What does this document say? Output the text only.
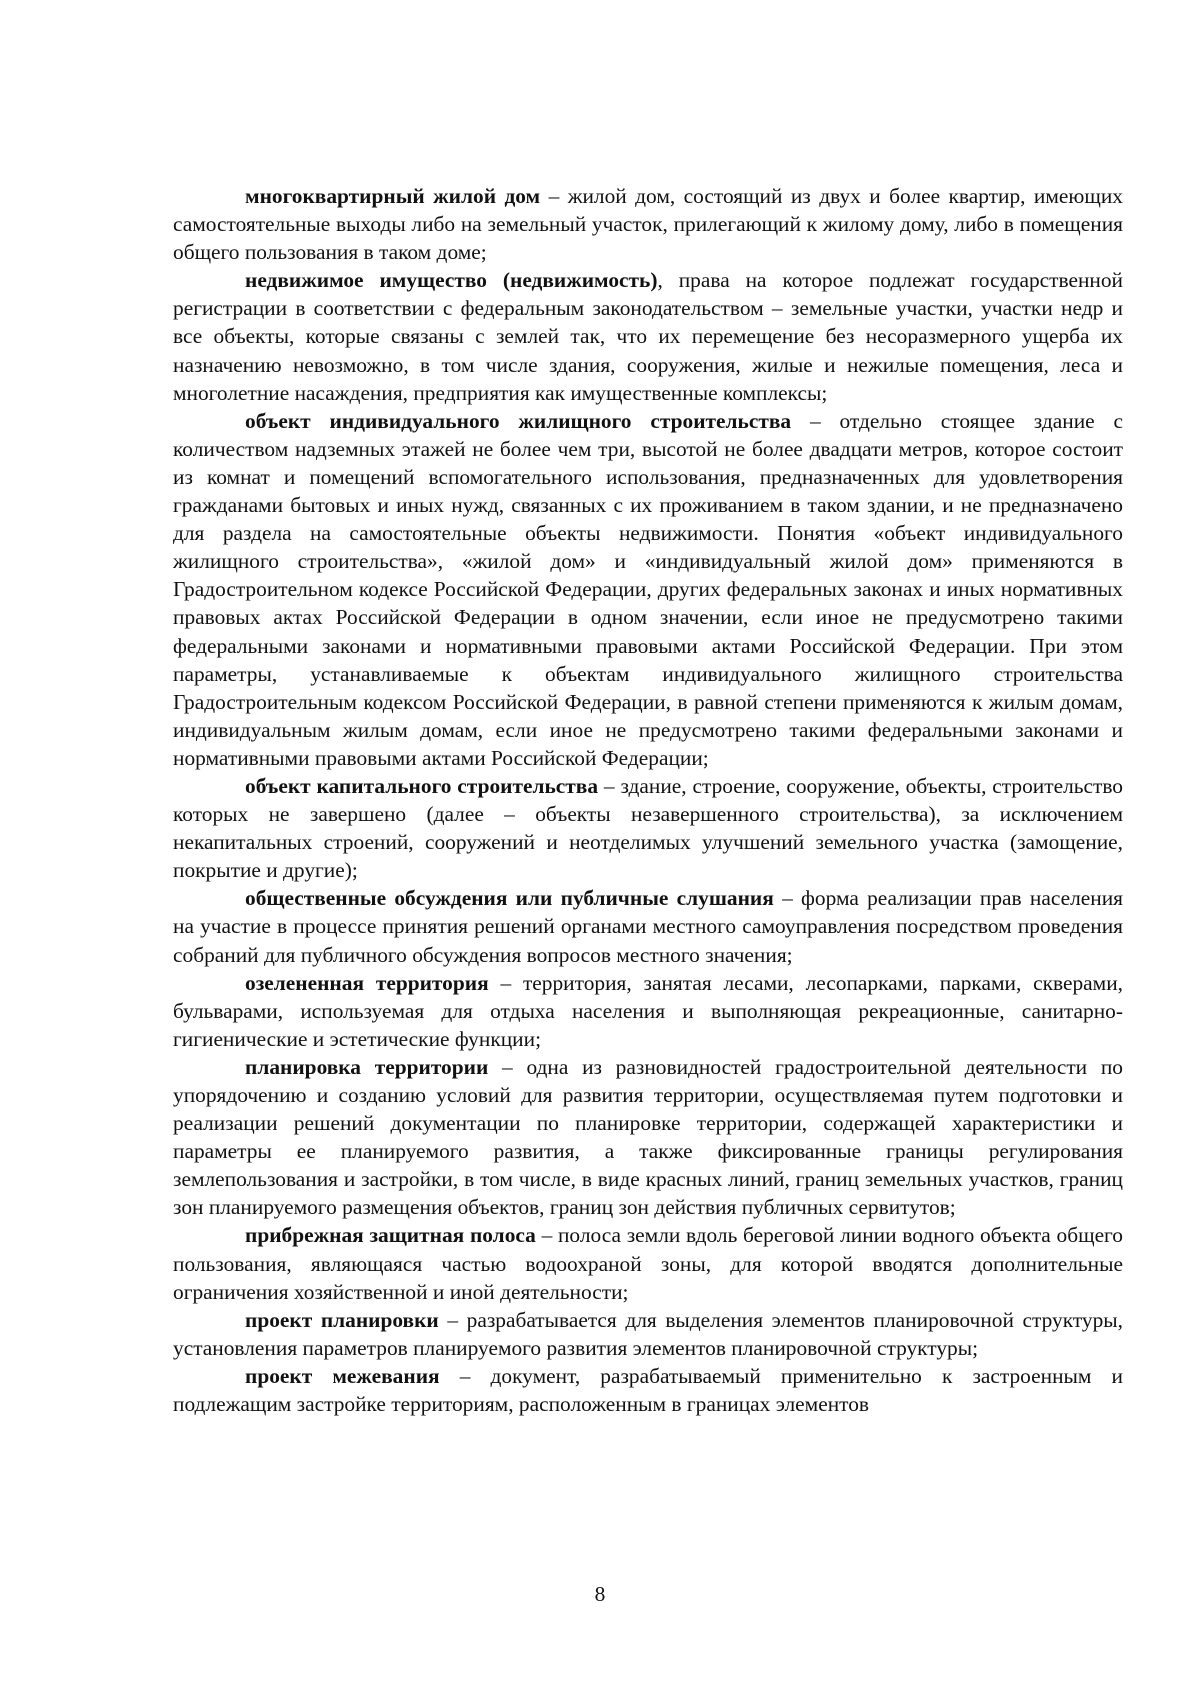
многоквартирный жилой дом – жилой дом, состоящий из двух и более квартир, имеющих самостоятельные выходы либо на земельный участок, прилегающий к жилому дому, либо в помещения общего пользования в таком доме;

недвижимое имущество (недвижимость), права на которое подлежат государственной регистрации в соответствии с федеральным законодательством – земельные участки, участки недр и все объекты, которые связаны с землей так, что их перемещение без несоразмерного ущерба их назначению невозможно, в том числе здания, сооружения, жилые и нежилые помещения, леса и многолетние насаждения, предприятия как имущественные комплексы;

объект индивидуального жилищного строительства – отдельно стоящее здание с количеством надземных этажей не более чем три, высотой не более двадцати метров, которое состоит из комнат и помещений вспомогательного использования, предназначенных для удовлетворения гражданами бытовых и иных нужд, связанных с их проживанием в таком здании, и не предназначено для раздела на самостоятельные объекты недвижимости. Понятия «объект индивидуального жилищного строительства», «жилой дом» и «индивидуальный жилой дом» применяются в Градостроительном кодексе Российской Федерации, других федеральных законах и иных нормативных правовых актах Российской Федерации в одном значении, если иное не предусмотрено такими федеральными законами и нормативными правовыми актами Российской Федерации. При этом параметры, устанавливаемые к объектам индивидуального жилищного строительства Градостроительным кодексом Российской Федерации, в равной степени применяются к жилым домам, индивидуальным жилым домам, если иное не предусмотрено такими федеральными законами и нормативными правовыми актами Российской Федерации;

объект капитального строительства – здание, строение, сооружение, объекты, строительство которых не завершено (далее – объекты незавершенного строительства), за исключением некапитальных строений, сооружений и неотделимых улучшений земельного участка (замощение, покрытие и другие);

общественные обсуждения или публичные слушания – форма реализации прав населения на участие в процессе принятия решений органами местного самоуправления посредством проведения собраний для публичного обсуждения вопросов местного значения;

озелененная территория – территория, занятая лесами, лесопарками, парками, скверами, бульварами, используемая для отдыха населения и выполняющая рекреационные, санитарно-гигиенические и эстетические функции;

планировка территории – одна из разновидностей градостроительной деятельности по упорядочению и созданию условий для развития территории, осуществляемая путем подготовки и реализации решений документации по планировке территории, содержащей характеристики и параметры ее планируемого развития, а также фиксированные границы регулирования землепользования и застройки, в том числе, в виде красных линий, границ земельных участков, границ зон планируемого размещения объектов, границ зон действия публичных сервитутов;

прибрежная защитная полоса – полоса земли вдоль береговой линии водного объекта общего пользования, являющаяся частью водоохраной зоны, для которой вводятся дополнительные ограничения хозяйственной и иной деятельности;

проект планировки – разрабатывается для выделения элементов планировочной структуры, установления параметров планируемого развития элементов планировочной структуры;

проект межевания – документ, разрабатываемый применительно к застроенным и подлежащим застройке территориям, расположенным в границах элементов

8
